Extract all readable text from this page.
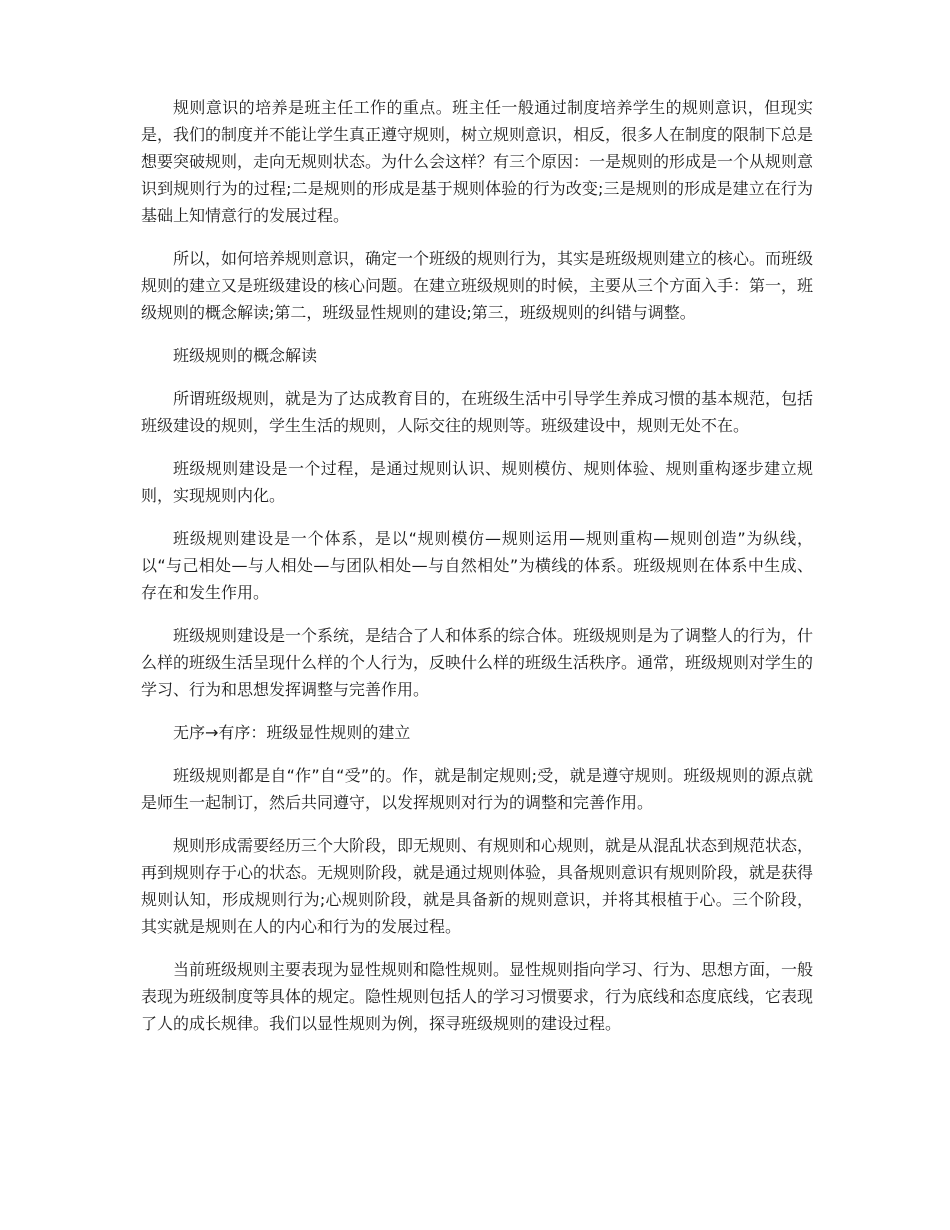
规则意识的培养是班主任工作的重点。班主任一般通过制度培养学生的规则意识，但现实是，我们的制度并不能让学生真正遵守规则，树立规则意识，相反，很多人在制度的限制下总是想要突破规则，走向无规则状态。为什么会这样？有三个原因：一是规则的形成是一个从规则意识到规则行为的过程;二是规则的形成是基于规则体验的行为改变;三是规则的形成是建立在行为基础上知情意行的发展过程。

所以，如何培养规则意识，确定一个班级的规则行为，其实是班级规则建立的核心。而班级规则的建立又是班级建设的核心问题。在建立班级规则的时候，主要从三个方面入手：第一，班级规则的概念解读;第二，班级显性规则的建设;第三，班级规则的纠错与调整。

班级规则的概念解读

所谓班级规则，就是为了达成教育目的，在班级生活中引导学生养成习惯的基本规范，包括班级建设的规则，学生生活的规则，人际交往的规则等。班级建设中，规则无处不在。

班级规则建设是一个过程，是通过规则认识、规则模仿、规则体验、规则重构逐步建立规则，实现规则内化。

班级规则建设是一个体系，是以“规则模仿—规则运用—规则重构—规则创造”为纵线，以“与己相处—与人相处—与团队相处—与自然相处”为横线的体系。班级规则在体系中生成、存在和发生作用。

班级规则建设是一个系统，是结合了人和体系的综合体。班级规则是为了调整人的行为，什么样的班级生活呈现什么样的个人行为，反映什么样的班级生活秩序。通常，班级规则对学生的学习、行为和思想发挥调整与完善作用。

无序→有序：班级显性规则的建立

班级规则都是自“作”自“受”的。作，就是制定规则;受，就是遵守规则。班级规则的源点就是师生一起制订，然后共同遵守，以发挥规则对行为的调整和完善作用。

规则形成需要经历三个大阶段，即无规则、有规则和心规则，就是从混乱状态到规范状态，再到规则存于心的状态。无规则阶段，就是通过规则体验，具备规则意识有规则阶段，就是获得规则认知，形成规则行为;心规则阶段，就是具备新的规则意识，并将其根植于心。三个阶段，其实就是规则在人的内心和行为的发展过程。

当前班级规则主要表现为显性规则和隐性规则。显性规则指向学习、行为、思想方面，一般表现为班级制度等具体的规定。隐性规则包括人的学习习惯要求，行为底线和态度底线，它表现了人的成长规律。我们以显性规则为例，探寻班级规则的建设过程。
